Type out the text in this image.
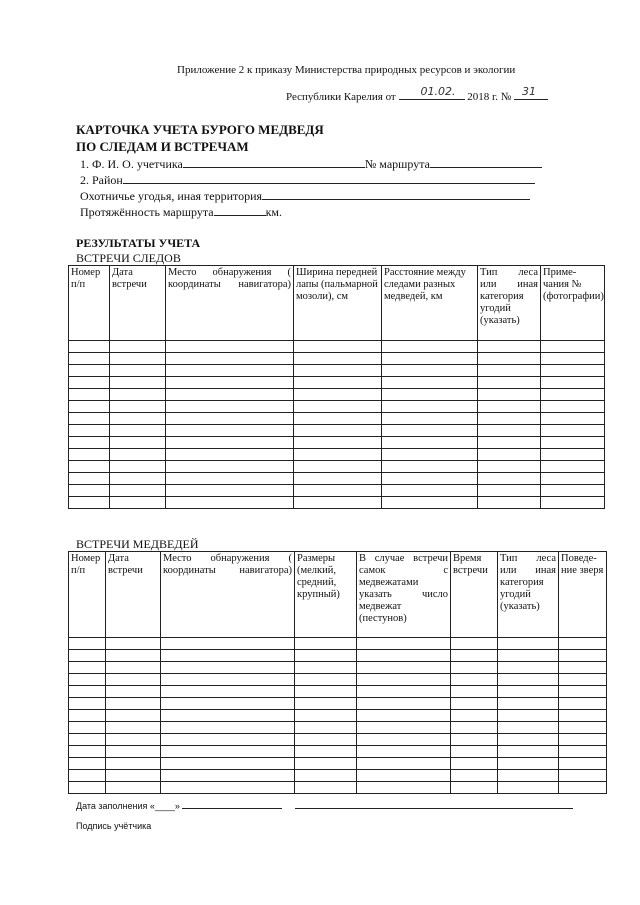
Приложение 2 к приказу Министерства природных ресурсов и экологии
Республики Карелия от 01.02. 2018 г. № 31
КАРТОЧКА УЧЕТА БУРОГО МЕДВЕДЯ
ПО СЛЕДАМ И ВСТРЕЧАМ
1. Ф. И. О. учетчика	№ маршрута
2. Район
Охотничье угодья, иная территория
Протяжённость маршрута	км.
РЕЗУЛЬТАТЫ УЧЕТА
ВСТРЕЧИ СЛЕДОВ
Номер п/п	Дата встречи	Место обнаружения ( координаты навигатора)	Ширина передней лапы (пальмарной мозоли), см	Расстояние между следами разных медведей, км	Тип леса или иная категория угодий (указать)	Приме-чания № (фотографии)

ВСТРЕЧИ МЕДВЕДЕЙ
Номер п/п	Дата встречи	Место обнаружения ( координаты навигатора)	Размеры (мелкий, средний, крупный)	В случае встречи самок с медвежатами указать число медвежат (пестунов)	Время встречи	Тип леса или иная категория угодий (указать)	Поведе-ние зверя

Дата заполнения «____»
Подпись учётчика
